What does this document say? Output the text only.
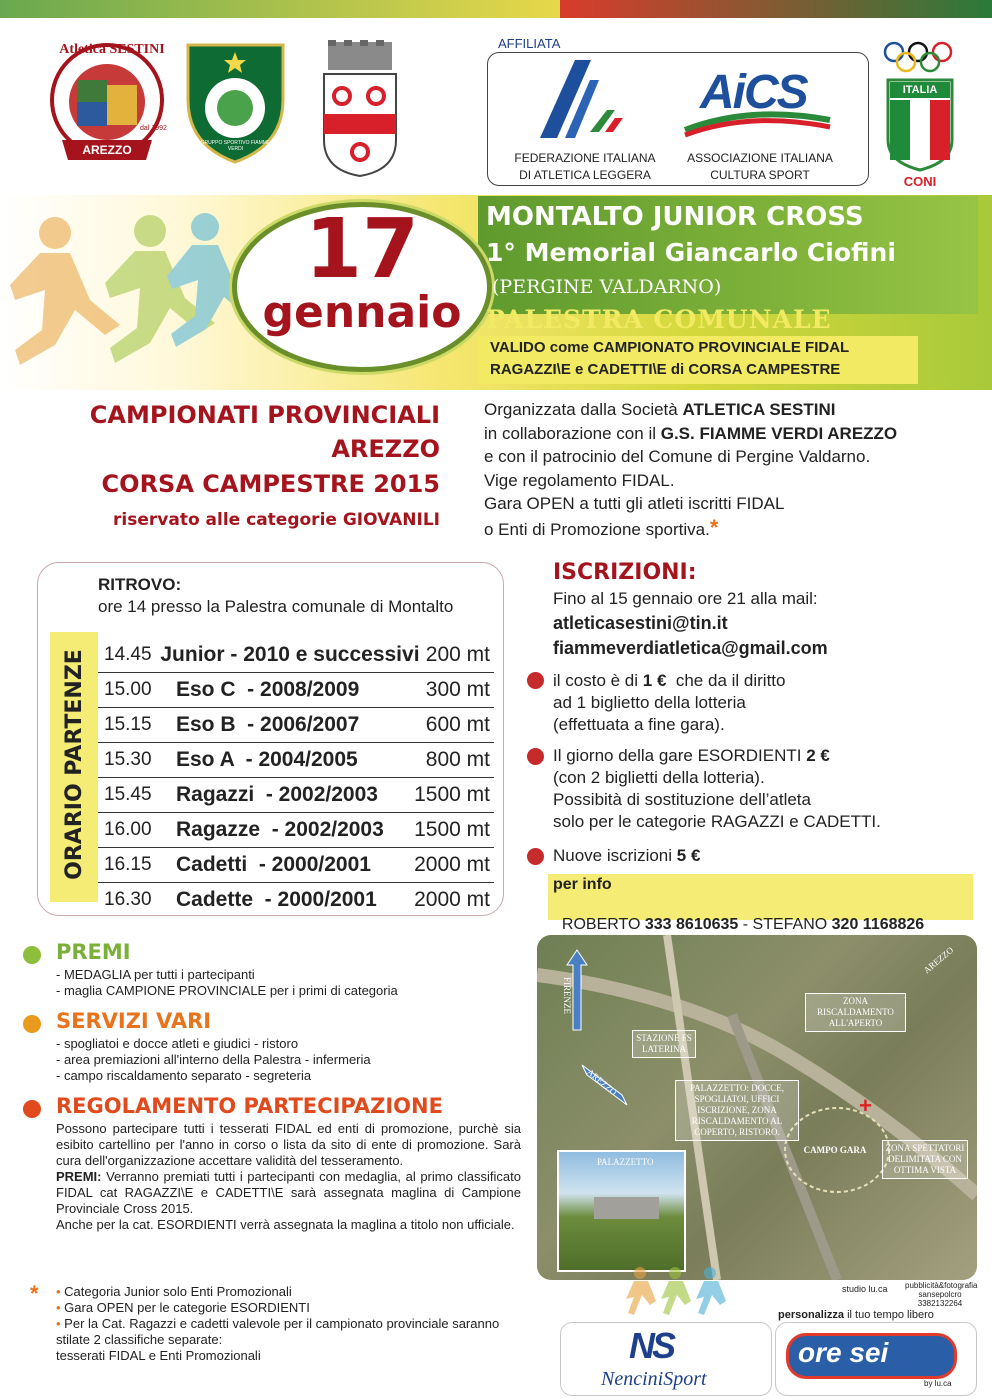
Atletica SESTINI
AREZZO
dal 1992
GRUPPO SPORTIVO FIAMME VERDI
AFFILIATA
FEDERAZIONE ITALIANA
DI ATLETICA LEGGERA
AiCS
ASSOCIAZIONE ITALIANA
CULTURA SPORT
ITALIA
CONI
17
gennaio
MONTALTO JUNIOR CROSS
1° Memorial Giancarlo Ciofini
(PERGINE VALDARNO)
PALESTRA COMUNALE
VALIDO come CAMPIONATO PROVINCIALE FIDAL
RAGAZZI\E e CADETTI\E di CORSA CAMPESTRE
CAMPIONATI PROVINCIALI
AREZZO
CORSA CAMPESTRE 2015
riservato alle categorie GIOVANILI
Organizzata dalla Società ATLETICA SESTINI
in collaborazione con il G.S. FIAMME VERDI AREZZO
e con il patrocinio del Comune di Pergine Valdarno.
Vige regolamento FIDAL.
Gara OPEN a tutti gli atleti iscritti FIDAL
o Enti di Promozione sportiva.*
RITROVO:
ore 14 presso la Palestra comunale di Montalto
ORARIO PARTENZE 14.45 Junior - 2010 e successivi 200 mt
15.00	Eso C  - 2008/2009	300 mt
15.15	Eso B  - 2006/2007	600 mt
15.30	Eso A  - 2004/2005	800 mt
15.45	Ragazzi  - 2002/2003	1500 mt
16.00	Ragazze  - 2002/2003	1500 mt
16.15	Cadetti  - 2000/2001	2000 mt
16.30	Cadette  - 2000/2001	2000 mt
ISCRIZIONI:
Fino al 15 gennaio ore 21 alla mail:
atleticasestini@tin.it
fiammeverdiatletica@gmail.com
il costo è di 1 €  che da il diritto
ad 1 biglietto della lotteria
(effettuata a fine gara).
Il giorno della gare ESORDIENTI 2 €
(con 2 biglietti della lotteria).
Possibità di sostituzione dell’atleta
solo per le categorie RAGAZZI e CADETTI.
Nuove iscrizioni 5 €
per info

ROBERTO 333 8610635 - STEFANO 320 1168826

PREMI
- MEDAGLIA per tutti i partecipanti
- maglia CAMPIONE PROVINCIALE per i primi di categoria
SERVIZI VARI
- spogliatoi e docce atleti e giudici - ristoro
- area premiazioni all'interno della Palestra - infermeria
- campo riscaldamento separato - segreteria
REGOLAMENTO PARTECIPAZIONE
Possono partecipare tutti i tesserati FIDAL ed enti di promozione, purchè sia esibito cartellino per l'anno in corso o lista da sito di ente di promozione. Sarà cura dell'organizzazione accettare validità del tesseramento.
PREMI: Verranno premiati tutti i partecipanti con medaglia, al primo classificato FIDAL cat RAGAZZI\E e CADETTI\E sarà assegnata maglina di Campione Provinciale Cross 2015.
Anche per la cat. ESORDIENTI verrà assegnata la maglina a titolo non ufficiale.
* • Categoria Junior solo Enti Promozionali
• Gara OPEN per le categorie ESORDIENTI
• Per la Cat. Ragazzi e cadetti valevole per il campionato provinciale saranno stilate 2 classifiche separate:
tesserati FIDAL e Enti Promozionali
+
FIRENZE
AREZZO
AREZZO
STAZIONE FS LATERINA
ZONA RISCALDAMENTO ALL'APERTO
PALAZZETTO: DOCCE, SPOGLIATOI, UFFICI ISCRIZIONE, ZONA RISCALDAMENTO AL COPERTO, RISTORO.
CAMPO GARA	ZONA SPETTATORI DELIMITATA CON OTTIMA VISTA
PALAZZETTO
studio lu.ca pubblicità&fotografia
sansepolcro
3382132264
personalizza il tuo tempo libero
NS
NenciniSport
ore sei
by lu.ca
